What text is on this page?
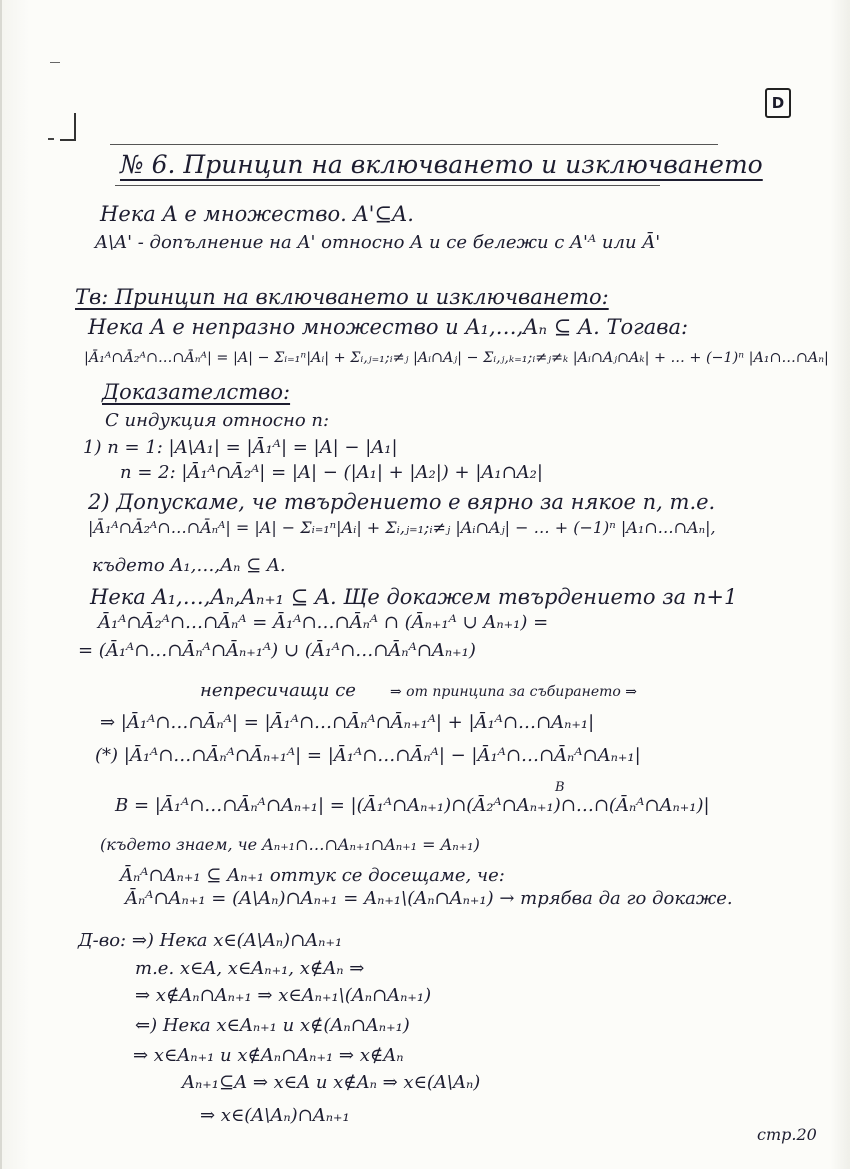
D
№ 6. Принцип на включването и изключването
Нека A е множество. A'⊆A.
A\A' - допълнение на A' относно A и се бележи с A'ᴬ или Ā'
Тв: Принцип на включването и изключването:
Нека A е непразно множество и A₁,…,Aₙ ⊆ A. Тогава:
|Ā₁ᴬ∩Ā₂ᴬ∩…∩Āₙᴬ| = |A| − Σᵢ₌₁ⁿ|Aᵢ| + Σᵢ,ⱼ₌₁;ᵢ≠ⱼ |Aᵢ∩Aⱼ| − Σᵢ,ⱼ,ₖ₌₁;ᵢ≠ⱼ≠ₖ |Aᵢ∩Aⱼ∩Aₖ| + … + (−1)ⁿ |A₁∩…∩Aₙ|
Доказателство:
С индукция относно n:
1) n = 1: |A\A₁| = |Ā₁ᴬ| = |A| − |A₁|
n = 2: |Ā₁ᴬ∩Ā₂ᴬ| = |A| − (|A₁| + |A₂|) + |A₁∩A₂|
2) Допускаме, че твърдението е вярно за някое n, т.е.
|Ā₁ᴬ∩Ā₂ᴬ∩…∩Āₙᴬ| = |A| − Σᵢ₌₁ⁿ|Aᵢ| + Σᵢ,ⱼ₌₁;ᵢ≠ⱼ |Aᵢ∩Aⱼ| − … + (−1)ⁿ |A₁∩…∩Aₙ|,
където A₁,…,Aₙ ⊆ A.
Нека A₁,…,Aₙ,Aₙ₊₁ ⊆ A. Ще докажем твърдението за n+1
Ā₁ᴬ∩Ā₂ᴬ∩…∩Āₙᴬ = Ā₁ᴬ∩…∩Āₙᴬ ∩ (Āₙ₊₁ᴬ ∪ Aₙ₊₁) =
= (Ā₁ᴬ∩…∩Āₙᴬ∩Āₙ₊₁ᴬ) ∪ (Ā₁ᴬ∩…∩Āₙᴬ∩Aₙ₊₁)
непресичащи се ⇒ от принципа за събирането ⇒
⇒ |Ā₁ᴬ∩…∩Āₙᴬ| = |Ā₁ᴬ∩…∩Āₙᴬ∩Āₙ₊₁ᴬ| + |Ā₁ᴬ∩…∩Aₙ₊₁|
(*) |Ā₁ᴬ∩…∩Āₙᴬ∩Āₙ₊₁ᴬ| = |Ā₁ᴬ∩…∩Āₙᴬ| − |Ā₁ᴬ∩…∩Āₙᴬ∩Aₙ₊₁|
B
B = |Ā₁ᴬ∩…∩Āₙᴬ∩Aₙ₊₁| = |(Ā₁ᴬ∩Aₙ₊₁)∩(Ā₂ᴬ∩Aₙ₊₁)∩…∩(Āₙᴬ∩Aₙ₊₁)|
(където знаем, че Aₙ₊₁∩…∩Aₙ₊₁∩Aₙ₊₁ = Aₙ₊₁)
Āₙᴬ∩Aₙ₊₁ ⊆ Aₙ₊₁ оттук се досещаме, че:
Āₙᴬ∩Aₙ₊₁ = (A\Aₙ)∩Aₙ₊₁ = Aₙ₊₁\(Aₙ∩Aₙ₊₁) → трябва да го докаже.
Д-во: ⇒) Нека x∈(A\Aₙ)∩Aₙ₊₁
т.е. x∈A, x∈Aₙ₊₁, x∉Aₙ ⇒
⇒ x∉Aₙ∩Aₙ₊₁ ⇒ x∈Aₙ₊₁\(Aₙ∩Aₙ₊₁)
⇐) Нека x∈Aₙ₊₁ и x∉(Aₙ∩Aₙ₊₁)
⇒ x∈Aₙ₊₁ и x∉Aₙ∩Aₙ₊₁ ⇒ x∉Aₙ
Aₙ₊₁⊆A ⇒ x∈A и x∉Aₙ ⇒ x∈(A\Aₙ)
⇒ x∈(A\Aₙ)∩Aₙ₊₁
стр.20
